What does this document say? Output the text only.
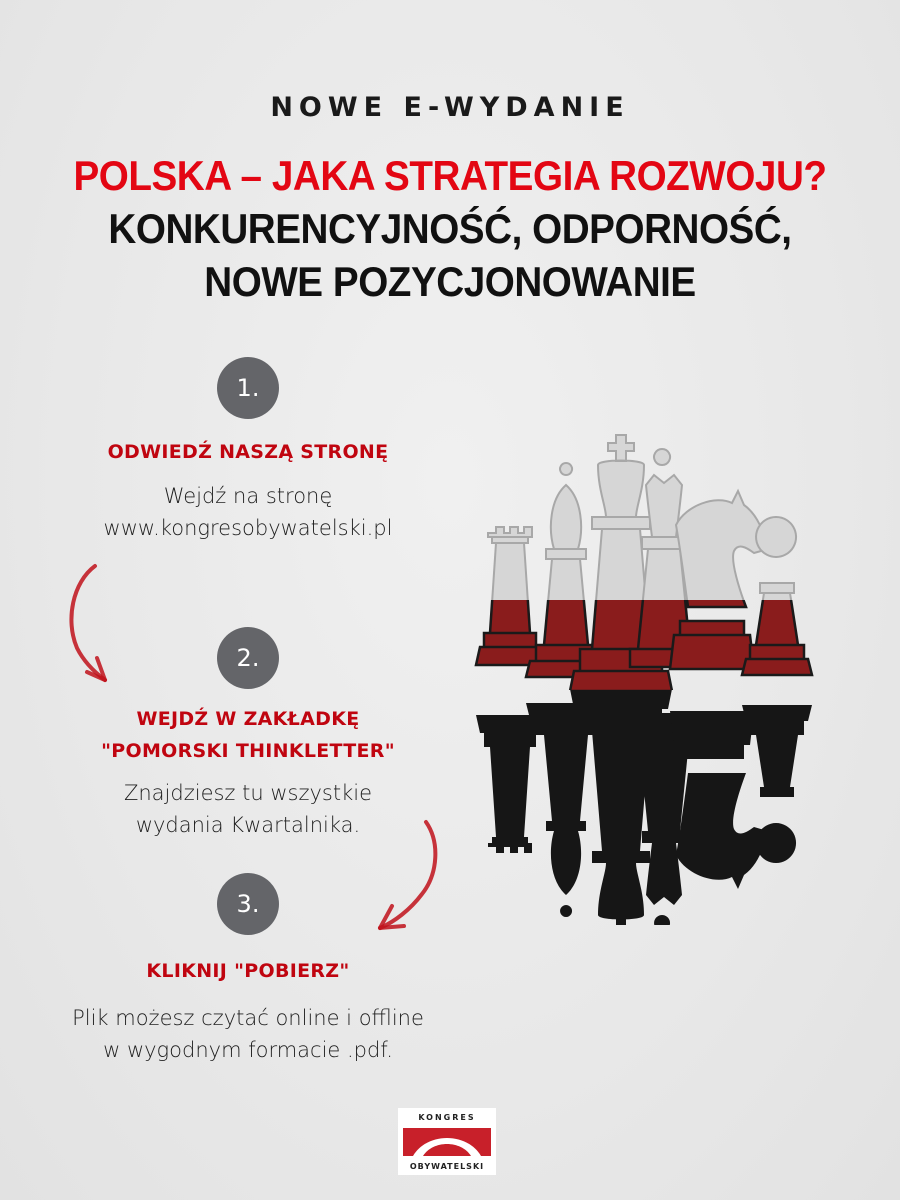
NOWE E-WYDANIE
POLSKA – JAKA STRATEGIA ROZWOJU?
KONKURENCYJNOŚĆ, ODPORNOŚĆ,
NOWE POZYCJONOWANIE
1.
ODWIEDŹ NASZĄ STRONĘ
Wejdź na stronę
www.kongresobywatelski.pl
2.
WEJDŹ W ZAKŁADKĘ
"POMORSKI THINKLETTER"
Znajdziesz tu wszystkie
wydania Kwartalnika.
3.
KLIKNIJ "POBIERZ"
Plik możesz czytać online i offline
w wygodnym formacie .pdf.
KONGRES
OBYWATELSKI
